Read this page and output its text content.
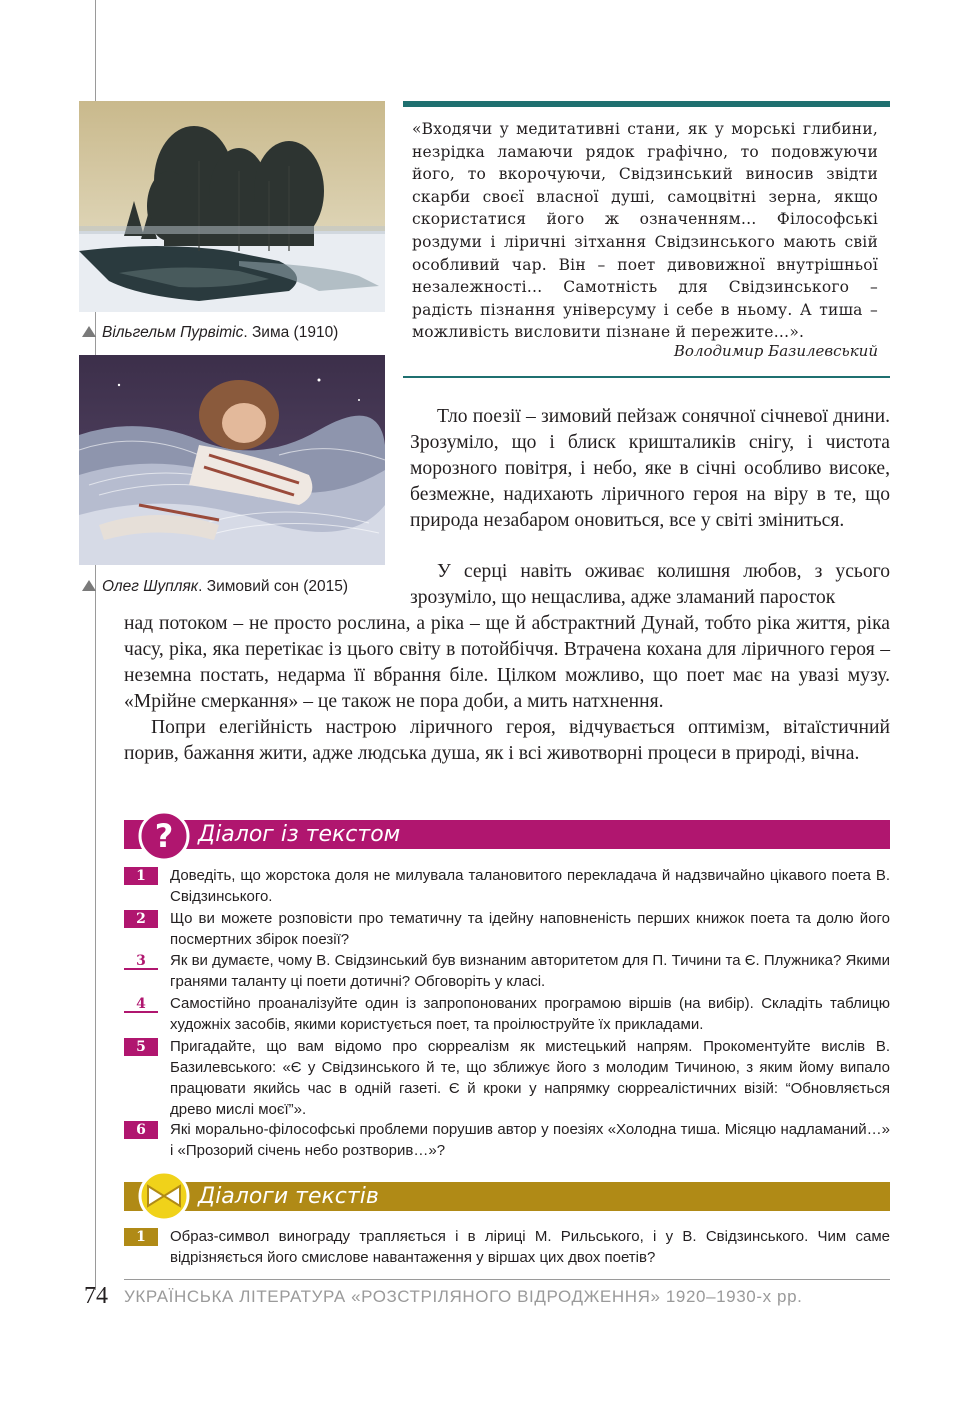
Вільгельм Пурвітіс. Зима (1910)
Олег Шупляк. Зимовий сон (2015)
«Входячи у медитативні стани, як у морські глибини, незрідка ламаючи рядок графічно, то подовжуючи його, то вкорочуючи, Свідзинський виносив звідти скарби своєї власної душі, самоцвітні зерна, якщо скористатися його ж означенням… Філософські роздуми і ліричні зітхання Свідзинського мають свій особливий чар. Він – поет дивовижної внутрішньої незалежності… Самотність для Свідзинського – радість пізнання універсуму і себе в ньому. А тиша – можливість висловити пізнане й пережите…».
Володимир Базилевський
Тло поезії – зимовий пейзаж сонячної січневої днини. Зрозуміло, що і блиск кришталиків снігу, і чистота морозного повітря, і небо, яке в січні особливо високе, безмежне, надихають ліричного героя на віру в те, що природа незабаром оновиться, все у світі зміниться.
У серці навіть оживає колишня любов, з усього зрозуміло, що нещаслива, адже зламаний паросток
над потоком – не просто рослина, а ріка – ще й абстрактний Дунай, тобто ріка життя, ріка часу, ріка, яка перетікає із цього світу в потойбіччя. Втрачена кохана для ліричного героя – неземна постать, недарма її вбрання біле. Цілком можливо, що поет має на увазі музу. «Мрійне смеркання» – це також не пора доби, а мить натхнення.
Попри елегійність настрою ліричного героя, відчувається оптимізм, вітаїстичний порив, бажання жити, адже людська душа, як і всі животворні процеси в природі, вічна.
Діалог із текстом
?
1	Доведіть, що жорстока доля не милувала талановитого перекладача й надзвичайно цікавого поета В. Свідзинського.
2	Що ви можете розповісти про тематичну та ідейну наповненість перших книжок поета та долю його посмертних збірок поезії?
3	Як ви думаєте, чому В. Свідзинський був визнаним авторитетом для П. Тичини та Є. Плужника? Якими гранями таланту ці поети дотичні? Обговоріть у класі.
4	Самостійно проаналізуйте один із запропонованих програмою віршів (на вибір). Складіть таблицю художніх засобів, якими користується поет, та проілюструйте їх прикладами.
5	Пригадайте, що вам відомо про сюрреалізм як мистецький напрям. Прокоментуйте вислів В. Базилевського: «Є у Свідзинського й те, що зближує його з молодим Тичиною, з яким йому випало працювати якийсь час в одній газеті. Є й кроки у напрямку сюрреалістичних візій: “Обновляється древо мислі моєї”».
6	Які морально-філософські проблеми порушив автор у поезіях «Холодна тиша. Місяцю надламаний…» і «Прозорий січень небо розтворив…»?
Діалоги текстів
1	Образ-символ винограду трапляється і в ліриці М. Рильського, і у В. Свідзинського. Чим саме відрізняється його смислове навантаження у віршах цих двох поетів?
74 УКРАЇНСЬКА ЛІТЕРАТУРА «РОЗСТРІЛЯНОГО ВІДРОДЖЕННЯ» 1920–1930-х рр.
